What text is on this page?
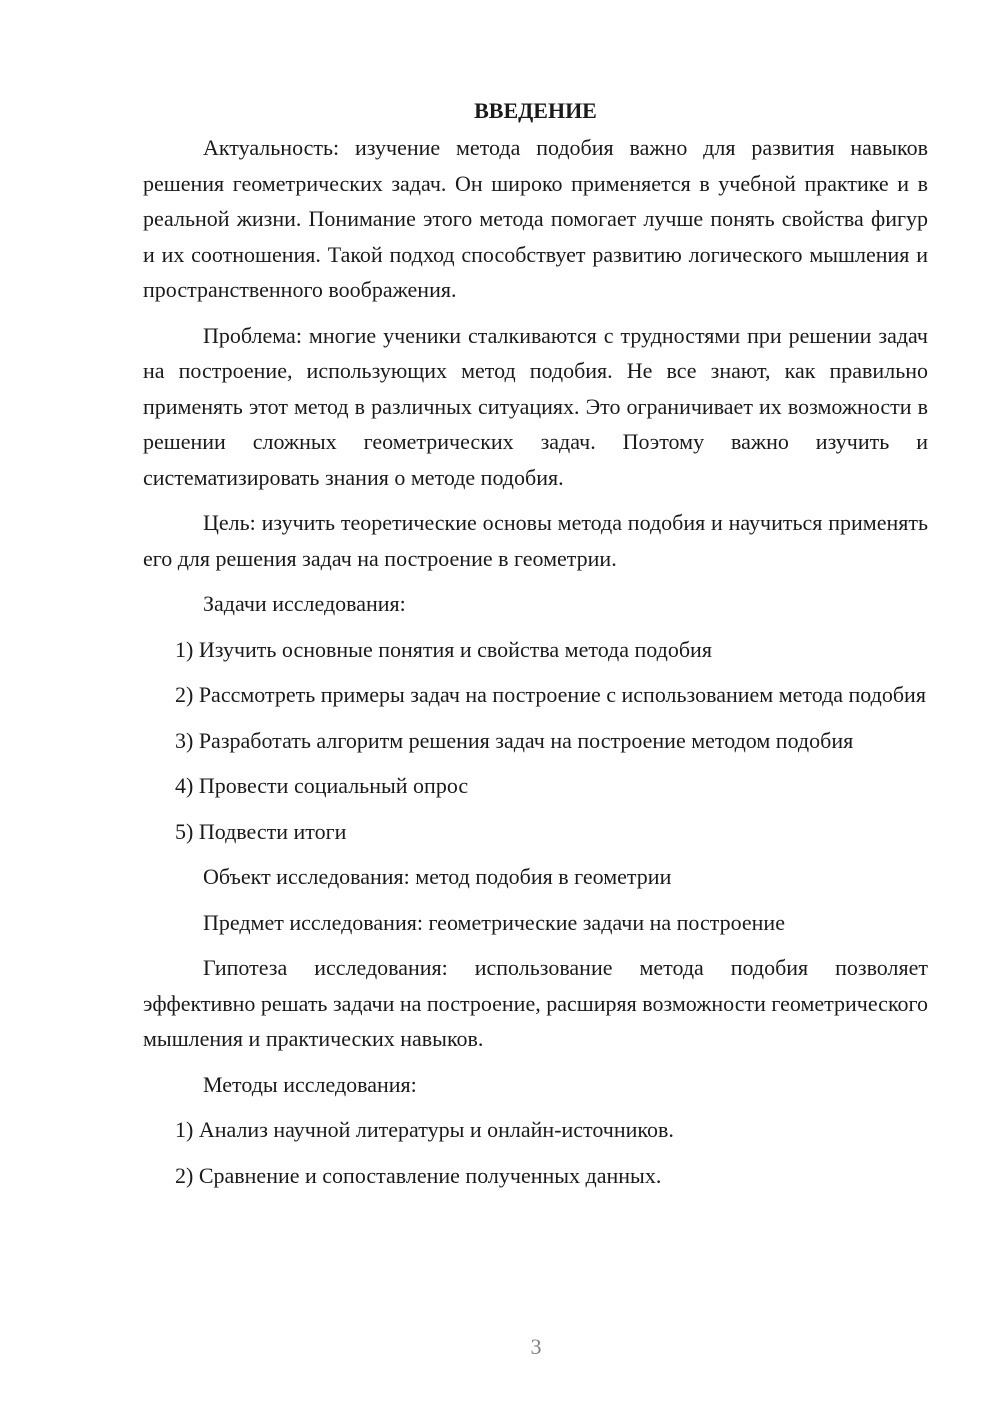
ВВЕДЕНИЕ

Актуальность: изучение метода подобия важно для развития навыков решения геометрических задач. Он широко применяется в учебной практике и в реальной жизни. Понимание этого метода помогает лучше понять свойства фигур и их соотношения. Такой подход способствует развитию логического мышления и пространственного воображения.

Проблема: многие ученики сталкиваются с трудностями при решении задач на построение, использующих метод подобия. Не все знают, как правильно применять этот метод в различных ситуациях. Это ограничивает их возможности в решении сложных геометрических задач. Поэтому важно изучить и систематизировать знания о методе подобия.

Цель: изучить теоретические основы метода подобия и научиться применять его для решения задач на построение в геометрии.

Задачи исследования:

1) Изучить основные понятия и свойства метода подобия

2) Рассмотреть примеры задач на построение с использованием метода подобия

3) Разработать алгоритм решения задач на построение методом подобия

4) Провести социальный опрос

5) Подвести итоги

Объект исследования: метод подобия в геометрии

Предмет исследования: геометрические задачи на построение

Гипотеза исследования: использование метода подобия позволяет эффективно решать задачи на построение, расширяя возможности геометрического мышления и практических навыков.

Методы исследования:

1) Анализ научной литературы и онлайн-источников.

2) Сравнение и сопоставление полученных данных.

3
